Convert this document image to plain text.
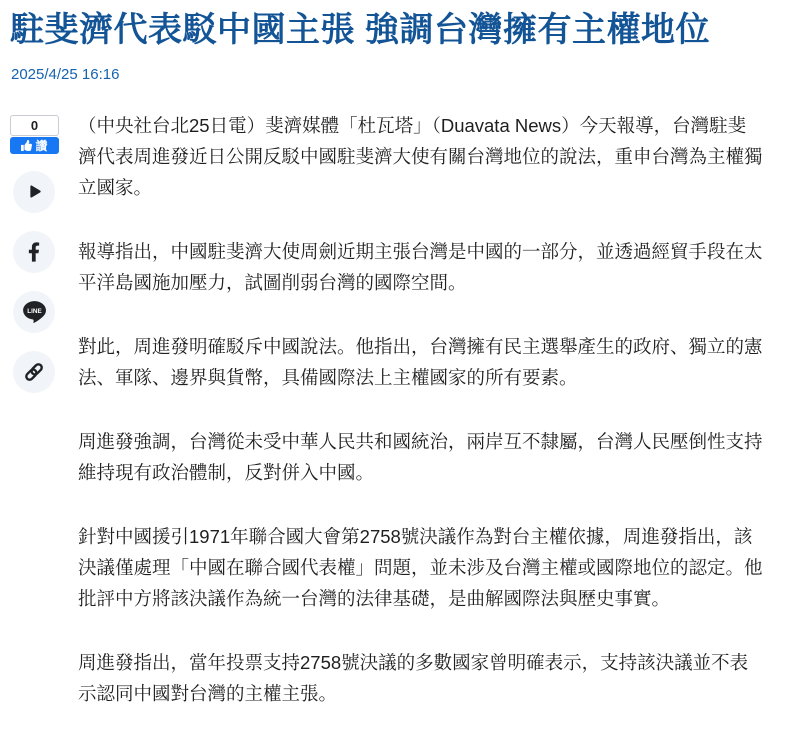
駐斐濟代表駁中國主張 強調台灣擁有主權地位
2025/4/25 16:16
0
讚
LINE

（中央社台北25日電）斐濟媒體「杜瓦塔」（Duavata News）今天報導，台灣駐斐濟代表周進發近日公開反駁中國駐斐濟大使有關台灣地位的說法，重申台灣為主權獨立國家。

報導指出，中國駐斐濟大使周劍近期主張台灣是中國的一部分，並透過經貿手段在太平洋島國施加壓力，試圖削弱台灣的國際空間。

對此，周進發明確駁斥中國說法。他指出，台灣擁有民主選舉產生的政府、獨立的憲法、軍隊、邊界與貨幣，具備國際法上主權國家的所有要素。

周進發強調，台灣從未受中華人民共和國統治，兩岸互不隸屬，台灣人民壓倒性支持維持現有政治體制，反對併入中國。

針對中國援引1971年聯合國大會第2758號決議作為對台主權依據，周進發指出，該決議僅處理「中國在聯合國代表權」問題，並未涉及台灣主權或國際地位的認定。他批評中方將該決議作為統一台灣的法律基礎，是曲解國際法與歷史事實。

周進發指出，當年投票支持2758號決議的多數國家曾明確表示，支持該決議並不表示認同中國對台灣的主權主張。
